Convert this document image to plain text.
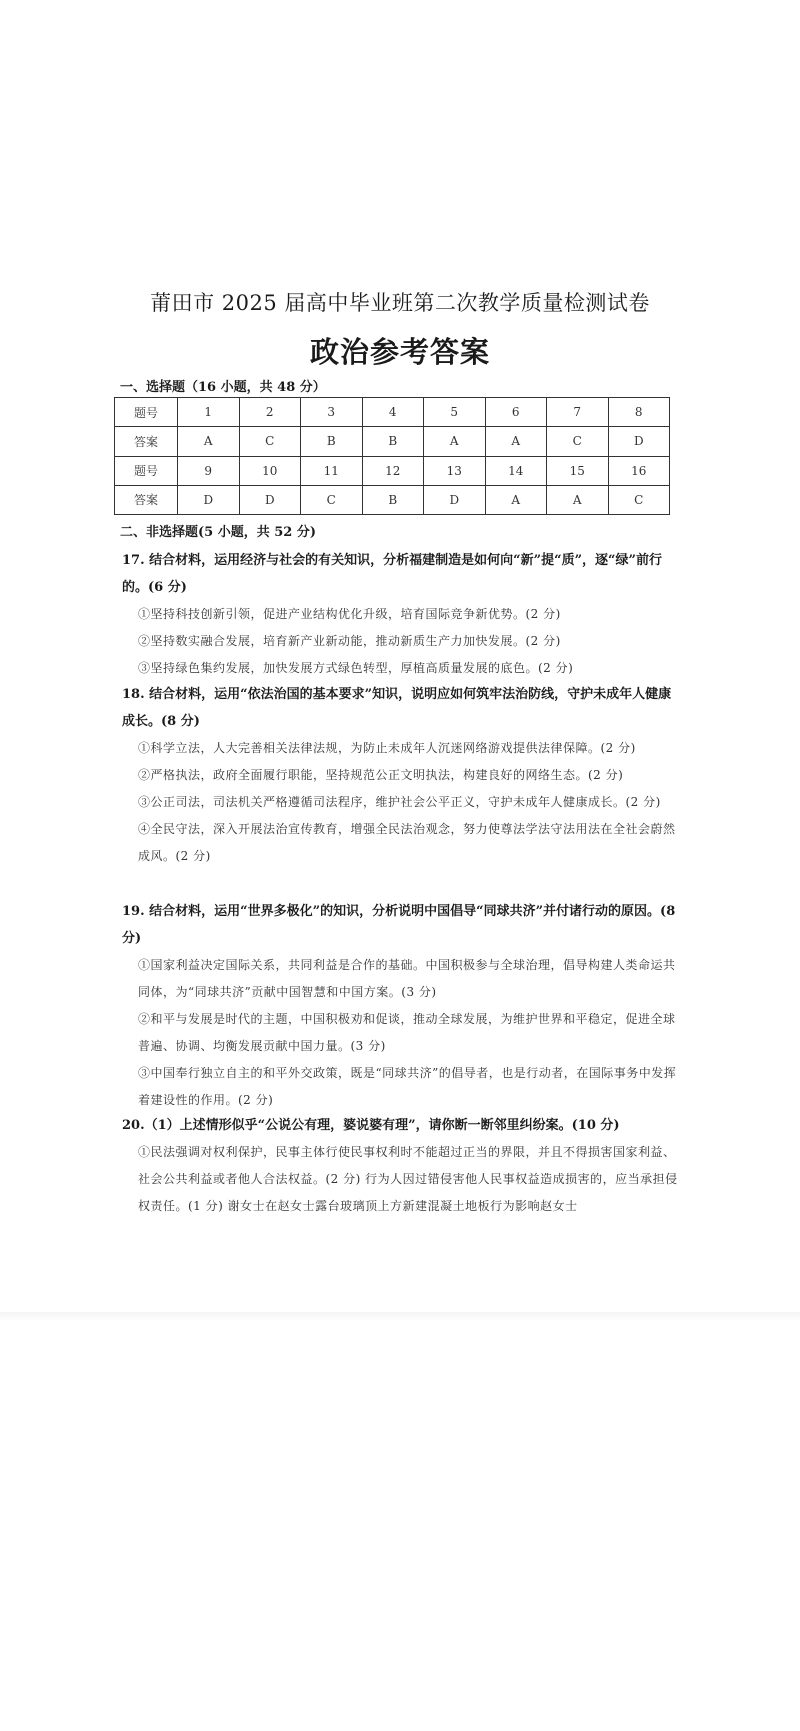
莆田市 2025 届高中毕业班第二次教学质量检测试卷
政治参考答案
一、选择题（16 小题，共 48 分）
题号	1	2	3	4	5	6	7	8
答案	A	C	B	B	A	A	C	D
题号	9	10	11	12	13	14	15	16
答案	D	D	C	B	D	A	A	C
二、非选择题(5 小题，共 52 分)
17. 结合材料，运用经济与社会的有关知识，分析福建制造是如何向“新”提“质”，逐“绿”前行的。(6 分)
①坚持科技创新引领，促进产业结构优化升级，培育国际竞争新优势。(2 分)
②坚持数实融合发展，培育新产业新动能，推动新质生产力加快发展。(2 分)
③坚持绿色集约发展，加快发展方式绿色转型，厚植高质量发展的底色。(2 分)
18. 结合材料，运用“依法治国的基本要求”知识，说明应如何筑牢法治防线，守护未成年人健康成长。(8 分)
①科学立法，人大完善相关法律法规，为防止未成年人沉迷网络游戏提供法律保障。(2 分)
②严格执法，政府全面履行职能，坚持规范公正文明执法，构建良好的网络生态。(2 分)
③公正司法，司法机关严格遵循司法程序，维护社会公平正义，守护未成年人健康成长。(2 分)
④全民守法，深入开展法治宣传教育，增强全民法治观念，努力使尊法学法守法用法在全社会蔚然成风。(2 分)
19. 结合材料，运用“世界多极化”的知识，分析说明中国倡导“同球共济”并付诸行动的原因。(8 分)
①国家利益决定国际关系，共同利益是合作的基础。中国积极参与全球治理，倡导构建人类命运共同体，为“同球共济”贡献中国智慧和中国方案。(3 分)
②和平与发展是时代的主题，中国积极劝和促谈，推动全球发展，为维护世界和平稳定，促进全球普遍、协调、均衡发展贡献中国力量。(3 分)
③中国奉行独立自主的和平外交政策，既是“同球共济”的倡导者，也是行动者，在国际事务中发挥着建设性的作用。(2 分)
20.（1）上述情形似乎“公说公有理，婆说婆有理”，请你断一断邻里纠纷案。(10 分)
①民法强调对权利保护，民事主体行使民事权利时不能超过正当的界限，并且不得损害国家利益、社会公共利益或者他人合法权益。(2 分) 行为人因过错侵害他人民事权益造成损害的，应当承担侵权责任。(1 分) 谢女士在赵女士露台玻璃顶上方新建混凝土地板行为影响赵女士
